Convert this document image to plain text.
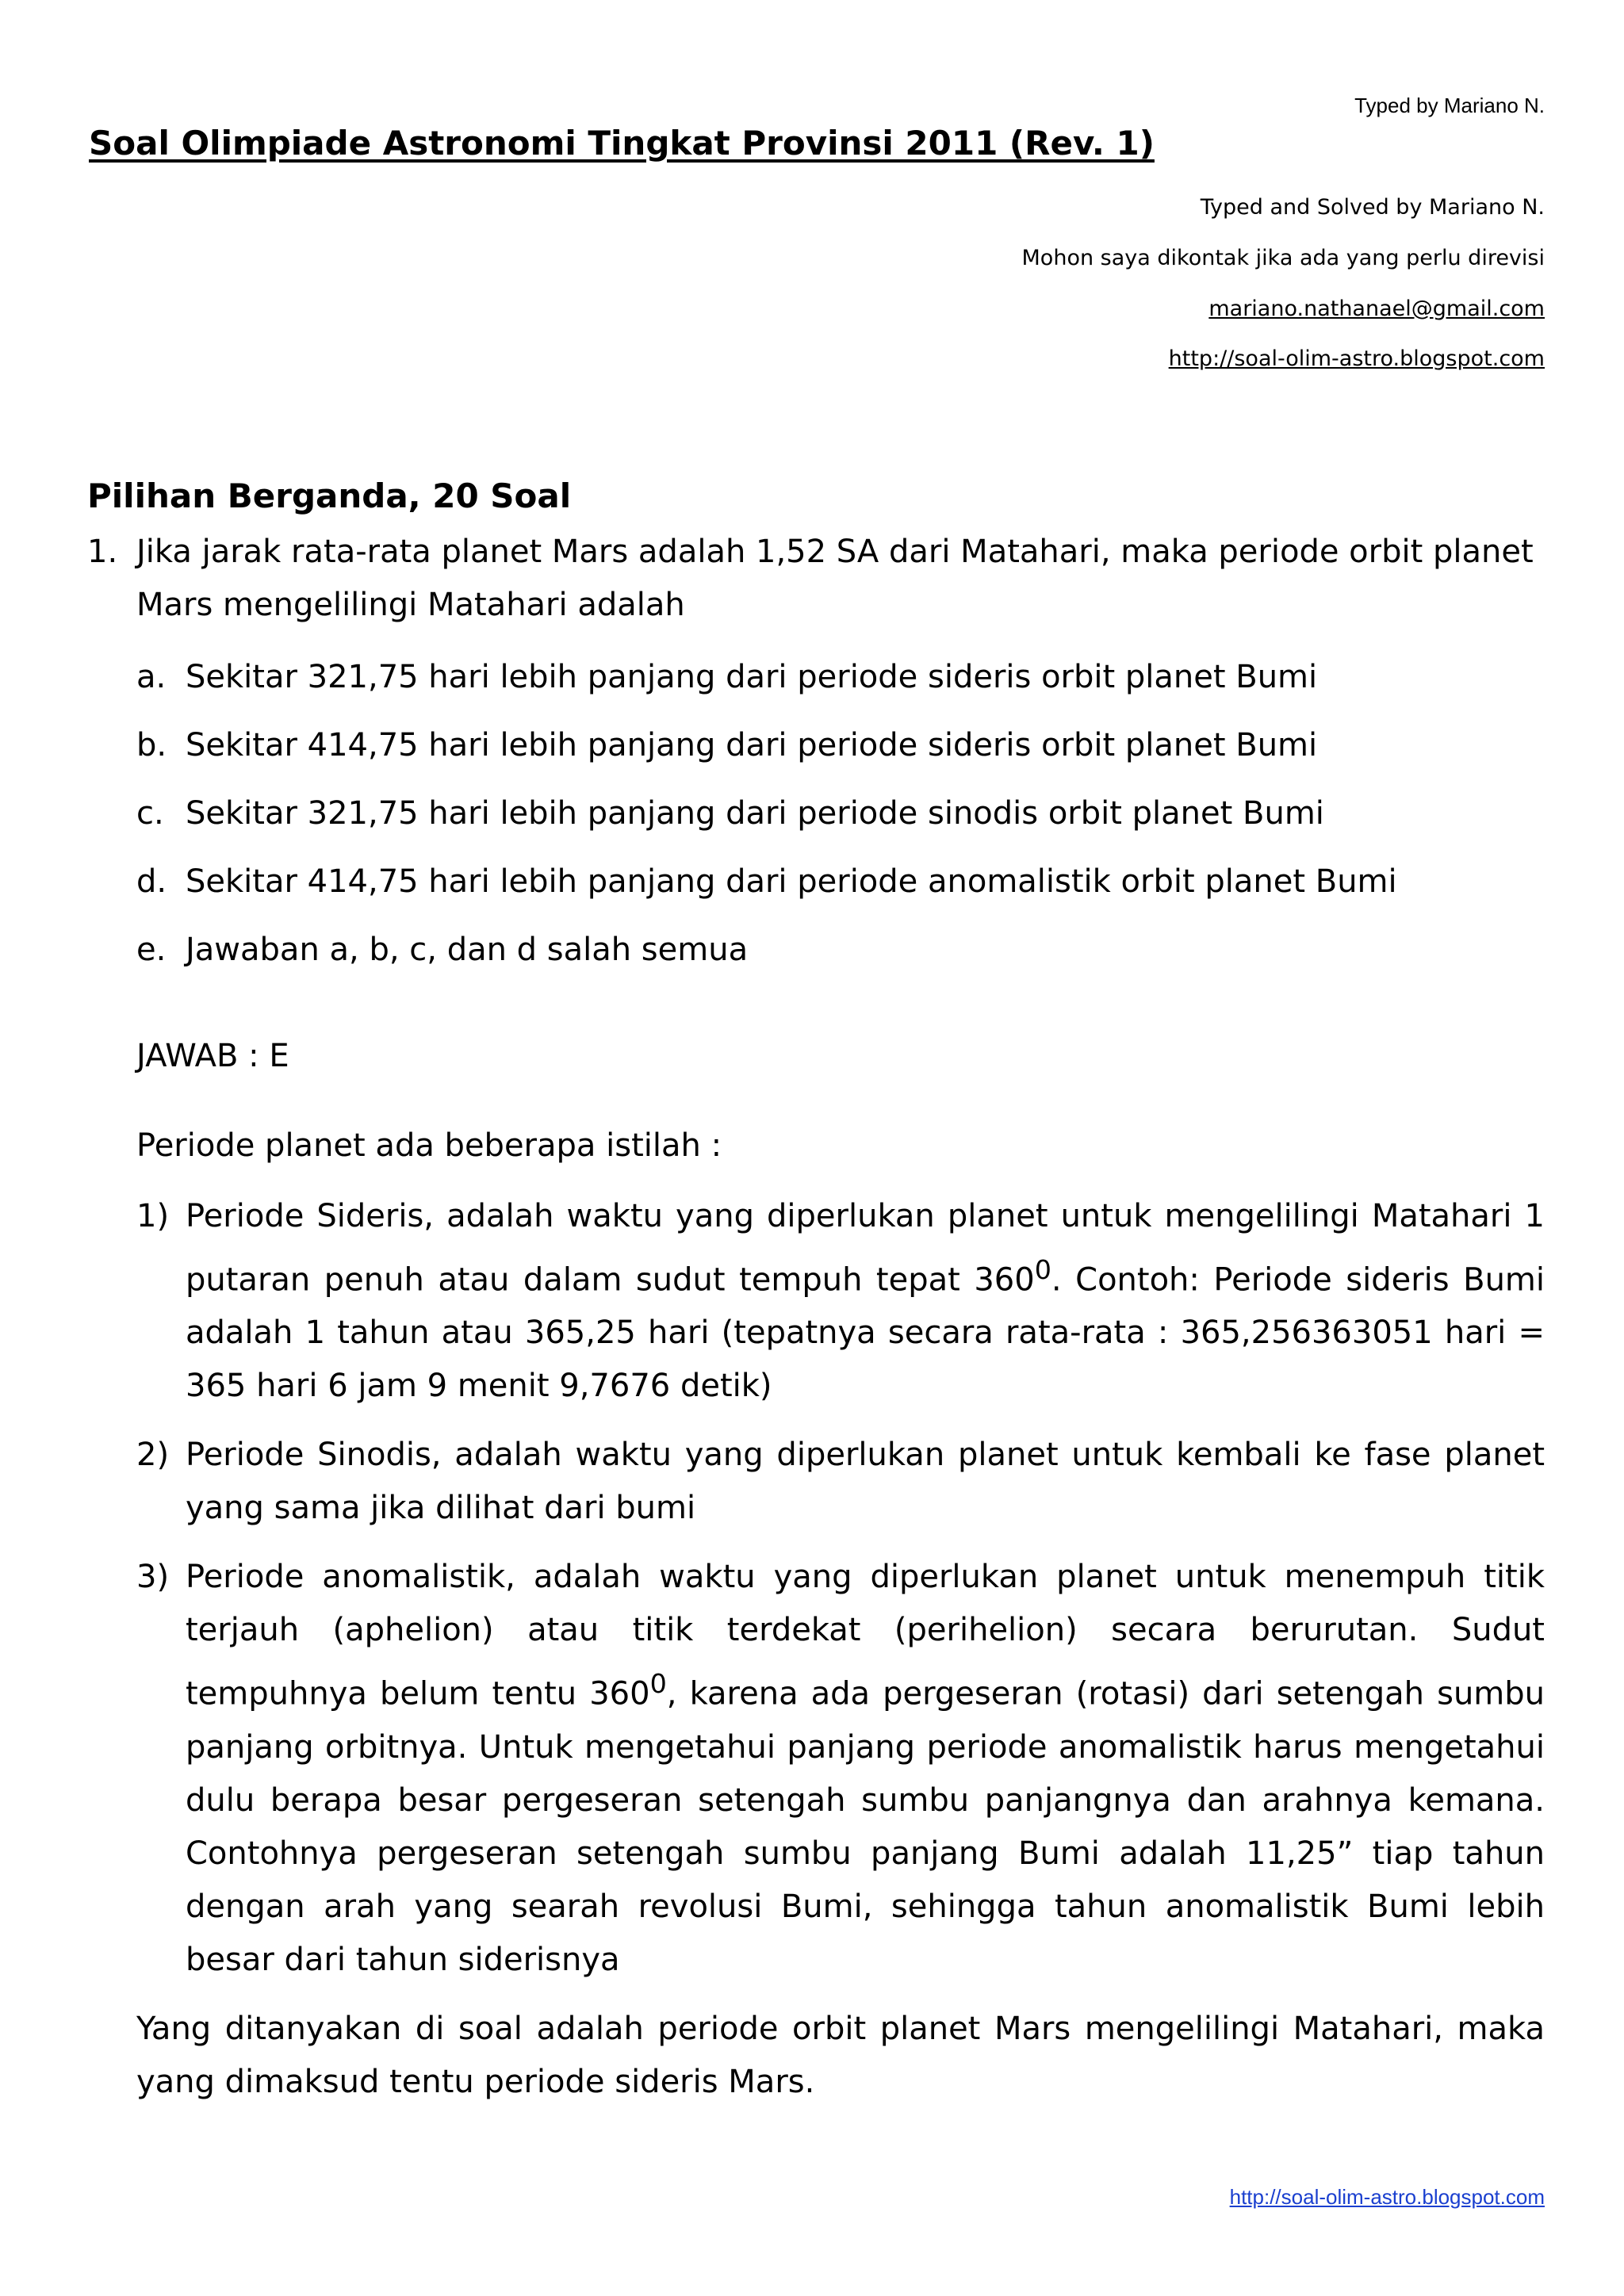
Typed by Mariano N.
Soal Olimpiade Astronomi Tingkat Provinsi 2011 (Rev. 1)
Typed and Solved by Mariano N.
Mohon saya dikontak jika ada yang perlu direvisi
mariano.nathanael@gmail.com
http://soal-olim-astro.blogspot.com

Pilihan Berganda, 20 Soal

1. Jika jarak rata-rata planet Mars adalah 1,52 SA dari Matahari, maka periode orbit planet Mars mengelilingi Matahari adalah
a. Sekitar 321,75 hari lebih panjang dari periode sideris orbit planet Bumi
b. Sekitar 414,75 hari lebih panjang dari periode sideris orbit planet Bumi
c. Sekitar 321,75 hari lebih panjang dari periode sinodis orbit planet Bumi
d. Sekitar 414,75 hari lebih panjang dari periode anomalistik orbit planet Bumi
e. Jawaban a, b, c, dan d salah semua

JAWAB : E

Periode planet ada beberapa istilah :

1) Periode Sideris, adalah waktu yang diperlukan planet untuk mengelilingi Matahari 1 putaran penuh atau dalam sudut tempuh tepat $360^0$. Contoh: Periode sideris Bumi adalah 1 tahun atau 365,25 hari (tepatnya secara rata-rata : 365,256363051 hari = 365 hari 6 jam 9 menit 9,7676 detik)
2) Periode Sinodis, adalah waktu yang diperlukan planet untuk kembali ke fase planet yang sama jika dilihat dari bumi
3) Periode anomalistik, adalah waktu yang diperlukan planet untuk menempuh titik terjauh (aphelion) atau titik terdekat (perihelion) secara berurutan. Sudut tempuhnya belum tentu $360^0$, karena ada pergeseran (rotasi) dari setengah sumbu panjang orbitnya. Untuk mengetahui panjang periode anomalistik harus mengetahui dulu berapa besar pergeseran setengah sumbu panjangnya dan arahnya kemana. Contohnya pergeseran setengah sumbu panjang Bumi adalah 11,25” tiap tahun dengan arah yang searah revolusi Bumi, sehingga tahun anomalistik Bumi lebih besar dari tahun siderisnya

Yang ditanyakan di soal adalah periode orbit planet Mars mengelilingi Matahari, maka yang dimaksud tentu periode sideris Mars.

http://soal-olim-astro.blogspot.com
